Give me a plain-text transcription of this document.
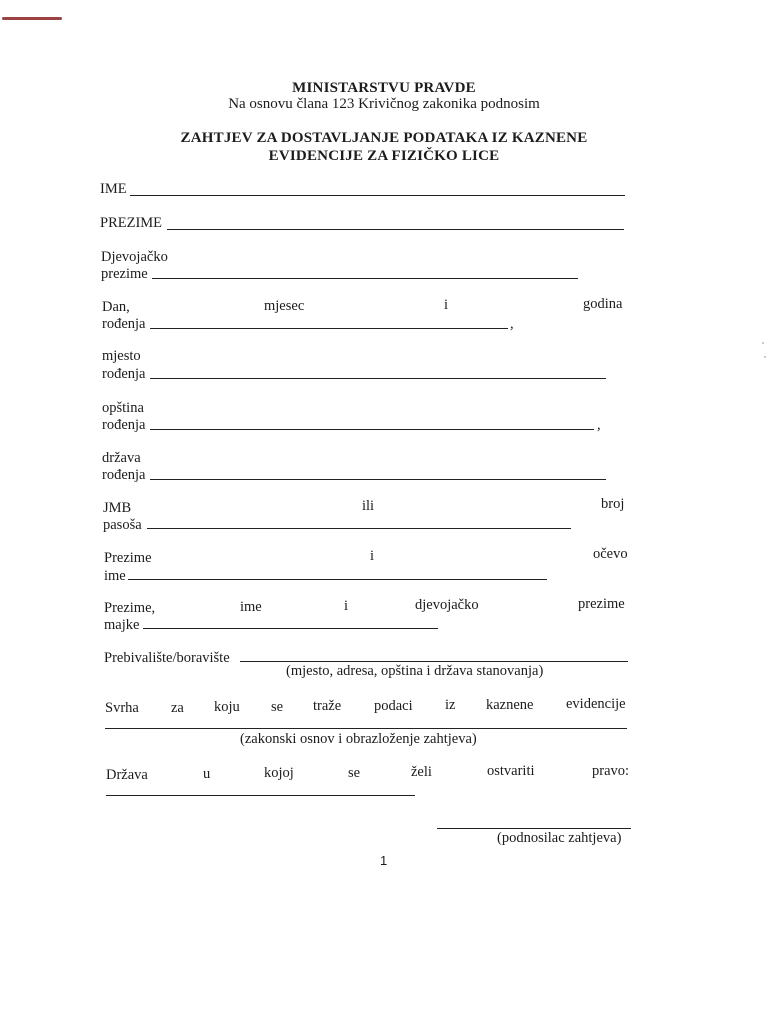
MINISTARSTVU PRAVDE
Na osnovu člana 123 Krivičnog zakonika podnosim
ZAHTJEV ZA DOSTAVLJANJE PODATAKA IZ KAZNENE
EVIDENCIJE ZA FIZIČKO LICE
IME
PREZIME
Djevojačko
prezime
Dan,	mjesec	i	godina
rođenja	,
mjesto
rođenja
opština
rođenja	,
država
rođenja
JMB	ili	broj
pasoša
Prezime	i	očevo
ime
Prezime,	ime	i	djevojačko	prezime
majke
Prebivalište/boravište
(mjesto, adresa, opština i država stanovanja)
Svrha za koju se traže podaci iz kaznene evidencije
(zakonski osnov i obrazloženje zahtjeva)
Država	u	kojoj	se	želi	ostvariti	pravo:
(podnosilac zahtjeva)
1
